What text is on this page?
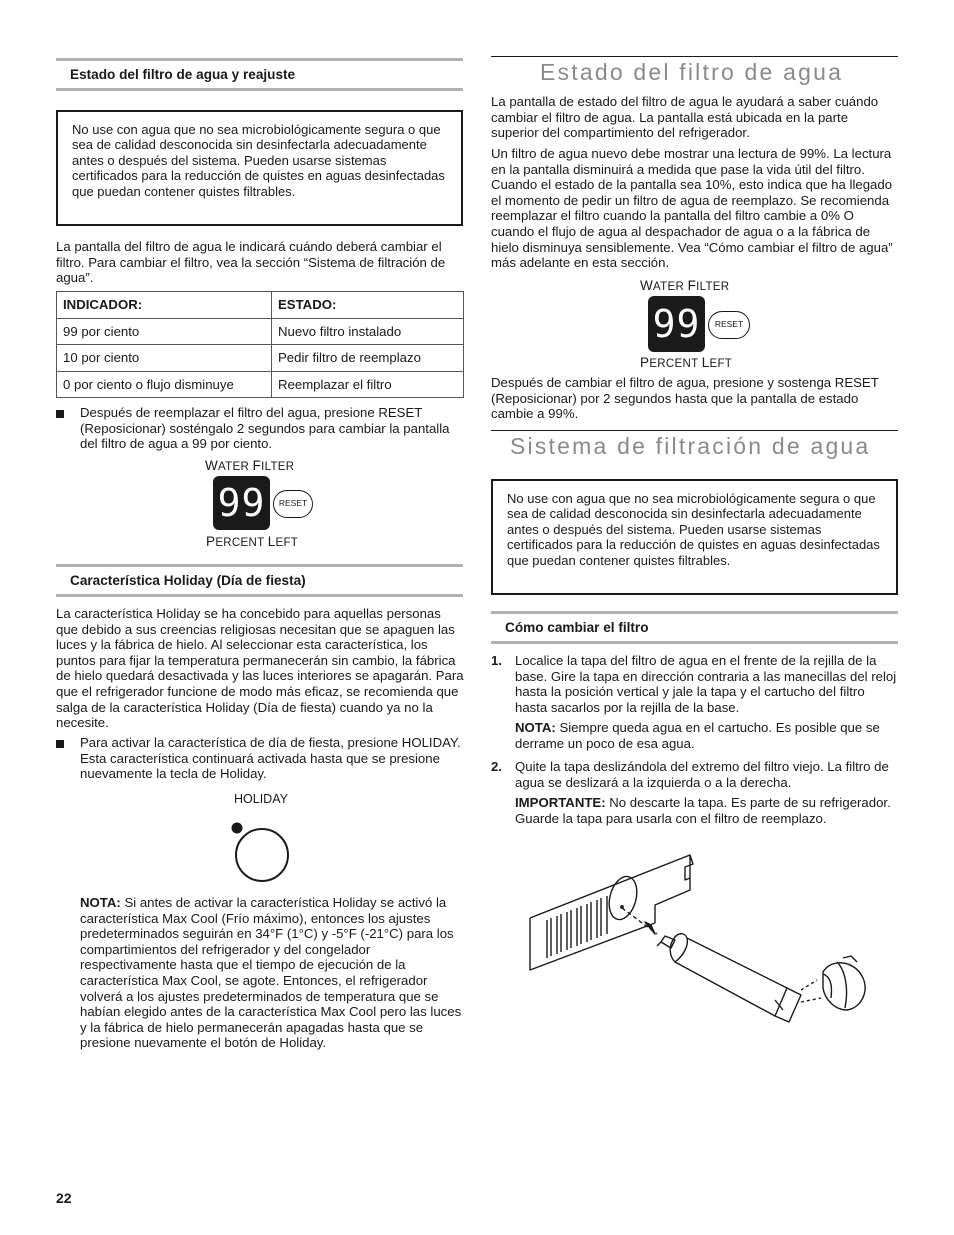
Estado del filtro de agua y reajuste

No use con agua que no sea microbiológicamente segura o que sea de calidad desconocida sin desinfectarla adecuadamente antes o después del sistema. Pueden usarse sistemas certificados para la reducción de quistes en aguas desinfectadas que puedan contener quistes filtrables.

La pantalla del filtro de agua le indicará cuándo deberá cambiar el filtro. Para cambiar el filtro, vea la sección “Sistema de filtración de agua”.

INDICADOR:	ESTADO:
99 por ciento	Nuevo filtro instalado
10 por ciento	Pedir filtro de reemplazo
0 por ciento o flujo disminuye	Reemplazar el filtro

Después de reemplazar el filtro del agua, presione RESET (Reposicionar) sosténgalo 2 segundos para cambiar la pantalla del filtro de agua a 99 por ciento.

WATER FILTER
99	RESET
PERCENT LEFT
Característica Holiday (Día de fiesta)

La característica Holiday se ha concebido para aquellas personas que debido a sus creencias religiosas necesitan que se apaguen las luces y la fábrica de hielo. Al seleccionar esta característica, los puntos para fijar la temperatura permanecerán sin cambio, la fábrica de hielo quedará desactivada y las luces interiores se apagarán. Para que el refrigerador funcione de modo más eficaz, se recomienda que salga de la característica Holiday (Día de fiesta) cuando ya no la necesite.

Para activar la característica de día de fiesta, presione HOLIDAY. Esta característica continuará activada hasta que se presione nuevamente la tecla de Holiday.

HOLIDAY

NOTA: Si antes de activar la característica Holiday se activó la característica Max Cool (Frío máximo), entonces los ajustes predeterminados seguirán en 34°F (1°C) y -5°F (-21°C) para los compartimientos del refrigerador y del congelador respectivamente hasta que el tiempo de ejecución de la característica Max Cool, se agote. Entonces, el refrigerador volverá a los ajustes predeterminados de temperatura que se habían elegido antes de la característica Max Cool pero las luces y la fábrica de hielo permanecerán apagadas hasta que se presione nuevamente el botón de Holiday.

22
Estado del filtro de agua

La pantalla de estado del filtro de agua le ayudará a saber cuándo cambiar el filtro de agua. La pantalla está ubicada en la parte superior del compartimiento del refrigerador.

Un filtro de agua nuevo debe mostrar una lectura de 99%. La lectura en la pantalla disminuirá a medida que pase la vida útil del filtro. Cuando el estado de la pantalla sea 10%, esto indica que ha llegado el momento de pedir un filtro de agua de reemplazo. Se recomienda reemplazar el filtro cuando la pantalla del filtro cambie a 0% O cuando el flujo de agua al despachador de agua o a la fábrica de hielo disminuya sensiblemente. Vea “Cómo cambiar el filtro de agua” más adelante en esta sección.

WATER FILTER
99	RESET
PERCENT LEFT

Después de cambiar el filtro de agua, presione y sostenga RESET (Reposicionar) por 2 segundos hasta que la pantalla de estado cambie a 99%.

Sistema de filtración de agua

No use con agua que no sea microbiológicamente segura o que sea de calidad desconocida sin desinfectarla adecuadamente antes o después del sistema. Pueden usarse sistemas certificados para la reducción de quistes en aguas desinfectadas que puedan contener quistes filtrables.

Cómo cambiar el filtro
1. Localice la tapa del filtro de agua en el frente de la rejilla de la base. Gire la tapa en dirección contraria a las manecillas del reloj hasta la posición vertical y jale la tapa y el cartucho del filtro hasta sacarlos por la rejilla de la base.

NOTA: Siempre queda agua en el cartucho. Es posible que se derrame un poco de esa agua.

2. Quite la tapa deslizándola del extremo del filtro viejo. La filtro de agua se deslizará a la izquierda o a la derecha.

IMPORTANTE: No descarte la tapa. Es parte de su refrigerador. Guarde la tapa para usarla con el filtro de reemplazo.
